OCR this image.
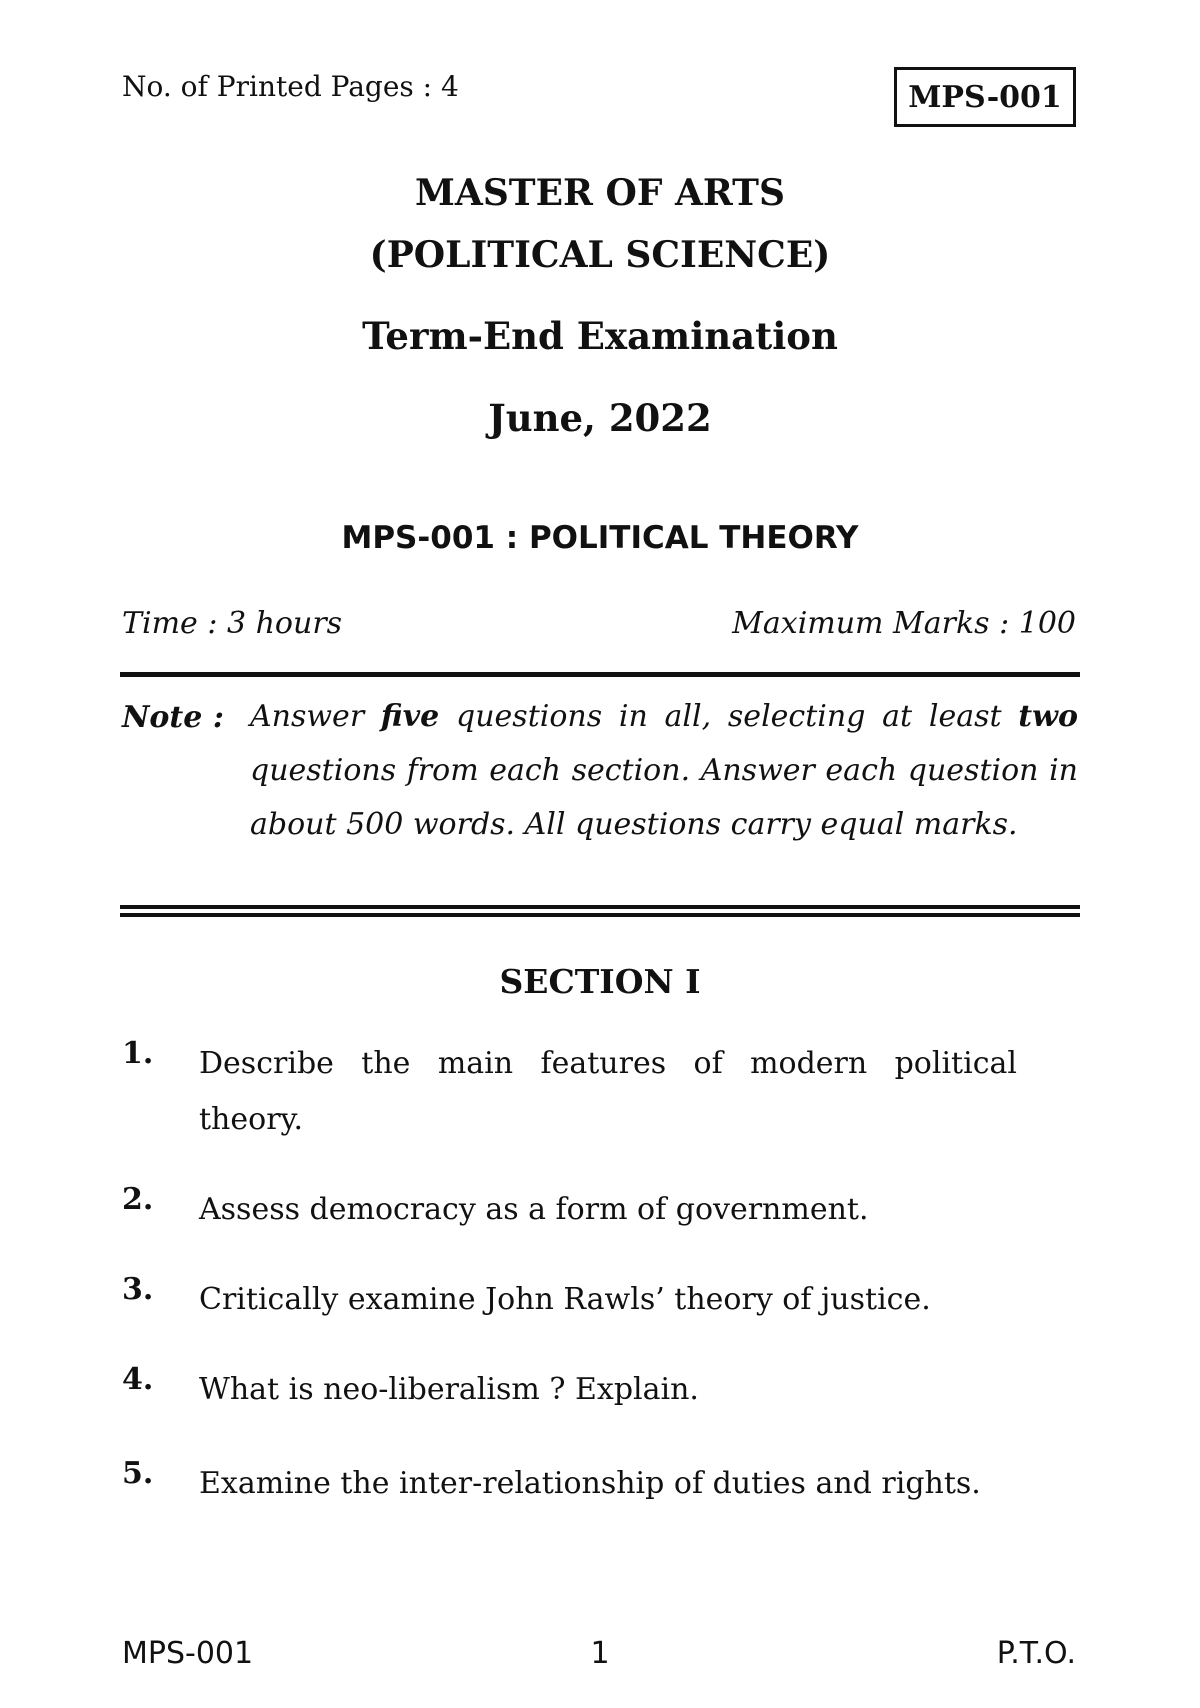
No. of Printed Pages : 4	MPS-001
MASTER OF ARTS
(POLITICAL SCIENCE)
Term-End Examination
June, 2022
MPS-001 : POLITICAL THEORY
Time : 3 hours	Maximum Marks : 100
Note : Answer five questions in all, selecting at least two questions from each section. Answer each question in about 500 words. All questions carry equal marks.

SECTION I
1. Describe the main features of modern political theory.

2. Assess democracy as a form of government.

3. Critically examine John Rawls’ theory of justice.

4. What is neo-liberalism ? Explain.

5. Examine the inter-relationship of duties and rights.

MPS-001	1	P.T.O.
